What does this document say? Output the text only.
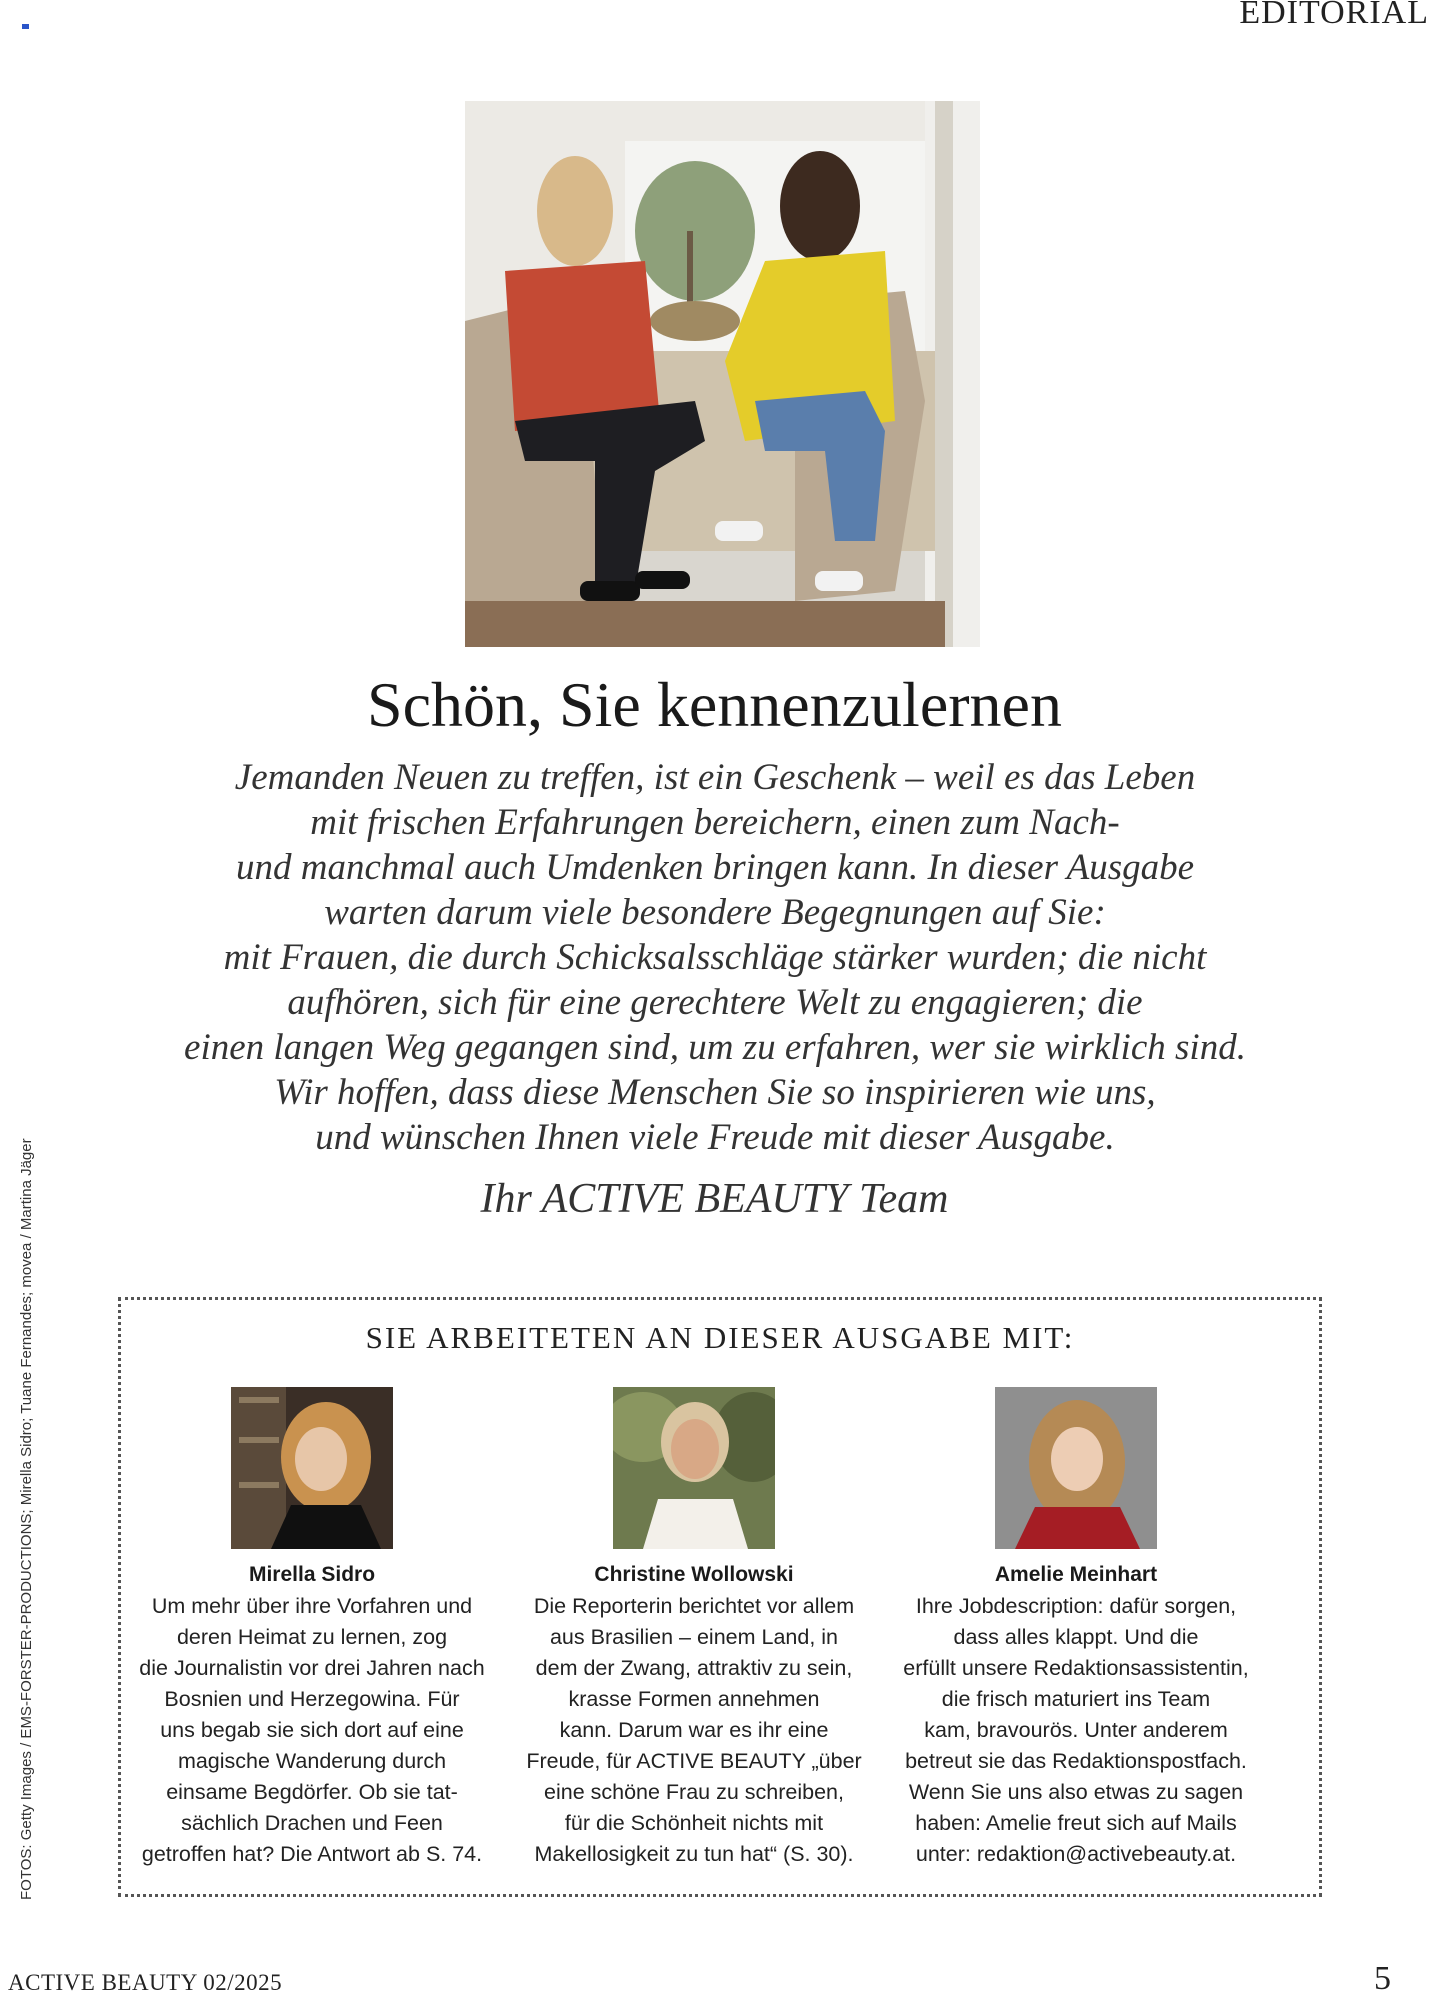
EDITORIAL
FOTOS: Getty Images / EMS-FORSTER-PRODUCTIONS; Mirella Sidro; Tuane Fernandes; movea / Martina Jäger
Schön, Sie kennenzulernen

Jemanden Neuen zu treffen, ist ein Geschenk – weil es das Leben
mit frischen Erfahrungen bereichern, einen zum Nach-
und manchmal auch Umdenken bringen kann. In dieser Ausgabe
warten darum viele besondere Begegnungen auf Sie:
mit Frauen, die durch Schicksalsschläge stärker wurden; die nicht
aufhören, sich für eine gerechtere Welt zu engagieren; die
einen langen Weg gegangen sind, um zu erfahren, wer sie wirklich sind.
Wir hoffen, dass diese Menschen Sie so inspirieren wie uns,
und wünschen Ihnen viele Freude mit dieser Ausgabe.

Ihr ACTIVE BEAUTY Team
SIE ARBEITETEN AN DIESER AUSGABE MIT:
Mirella Sidro
Um mehr über ihre Vorfahren und
deren Heimat zu lernen, zog
die Journalistin vor drei Jahren nach
Bosnien und Herzegowina. Für
uns begab sie sich dort auf eine
magische Wanderung durch
einsame Begdörfer. Ob sie tat-
sächlich Drachen und Feen
getroffen hat? Die Antwort ab S. 74.
Christine Wollowski
Die Reporterin berichtet vor allem
aus Brasilien – einem Land, in
dem der Zwang, attraktiv zu sein,
krasse Formen annehmen
kann. Darum war es ihr eine
Freude, für ACTIVE BEAUTY „über
eine schöne Frau zu schreiben,
für die Schönheit nichts mit
Makellosigkeit zu tun hat“ (S. 30).
Amelie Meinhart
Ihre Jobdescription: dafür sorgen,
dass alles klappt. Und die
erfüllt unsere Redaktionsassistentin,
die frisch maturiert ins Team
kam, bravourös. Unter anderem
betreut sie das Redaktionspostfach.
Wenn Sie uns also etwas zu sagen
haben: Amelie freut sich auf Mails
unter: redaktion@activebeauty.at.
ACTIVE BEAUTY 02/2025	5
